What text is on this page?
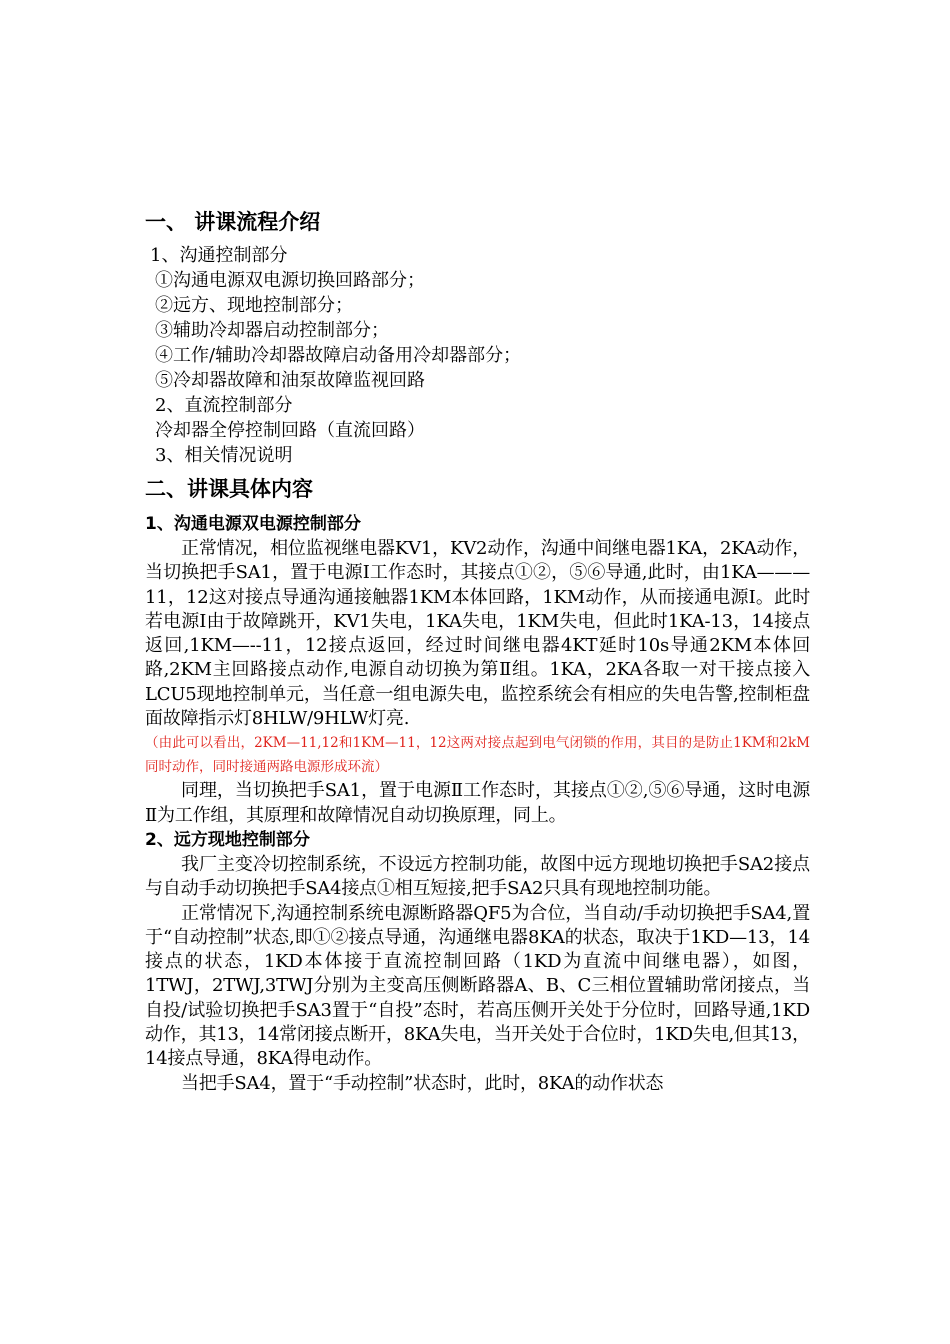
一、 讲课流程介绍
1、沟通控制部分
①沟通电源双电源切换回路部分；
②远方、现地控制部分；
③辅助冷却器启动控制部分；
④工作/辅助冷却器故障启动备用冷却器部分；
⑤冷却器故障和油泵故障监视回路
2、直流控制部分
冷却器全停控制回路（直流回路）
3、相关情况说明
二、讲课具体内容
1、沟通电源双电源控制部分

正常情况，相位监视继电器KV1，KV2动作，沟通中间继电器1KA，2KA动作，当切换把手SA1，置于电源Ⅰ工作态时，其接点①②，⑤⑥导通,此时，由1KA———11，12这对接点导通沟通接触器1KM本体回路，1KM动作，从而接通电源Ⅰ。此时若电源Ⅰ由于故障跳开，KV1失电，1KA失电，1KM失电，但此时1KA-13，14接点返回,1KM—--11，12接点返回，经过时间继电器4KT延时10s导通2KM本体回路,2KM主回路接点动作,电源自动切换为第Ⅱ组。1KA，2KA各取一对干接点接入LCU5现地控制单元，当任意一组电源失电，监控系统会有相应的失电告警,控制柜盘面故障指示灯8HLW/9HLW灯亮.

（由此可以看出，2KM—11,12和1KM—11，12这两对接点起到电气闭锁的作用，其目的是防止1KM和2kM同时动作，同时接通两路电源形成环流）

同理，当切换把手SA1，置于电源Ⅱ工作态时，其接点①②,⑤⑥导通，这时电源Ⅱ为工作组，其原理和故障情况自动切换原理，同上。

2、远方现地控制部分

我厂主变冷切控制系统，不设远方控制功能，故图中远方现地切换把手SA2接点与自动手动切换把手SA4接点①相互短接,把手SA2只具有现地控制功能。

正常情况下,沟通控制系统电源断路器QF5为合位，当自动/手动切换把手SA4,置于“自动控制”状态,即①②接点导通，沟通继电器8KA的状态，取决于1KD—13，14接点的状态，1KD本体接于直流控制回路（1KD为直流中间继电器），如图，1TWJ，2TWJ,3TWJ分别为主变高压侧断路器A、B、C三相位置辅助常闭接点，当自投/试验切换把手SA3置于“自投”态时，若高压侧开关处于分位时，回路导通,1KD动作，其13，14常闭接点断开，8KA失电，当开关处于合位时，1KD失电,但其13，14接点导通，8KA得电动作。

当把手SA4，置于“手动控制”状态时，此时，8KA的动作状态
